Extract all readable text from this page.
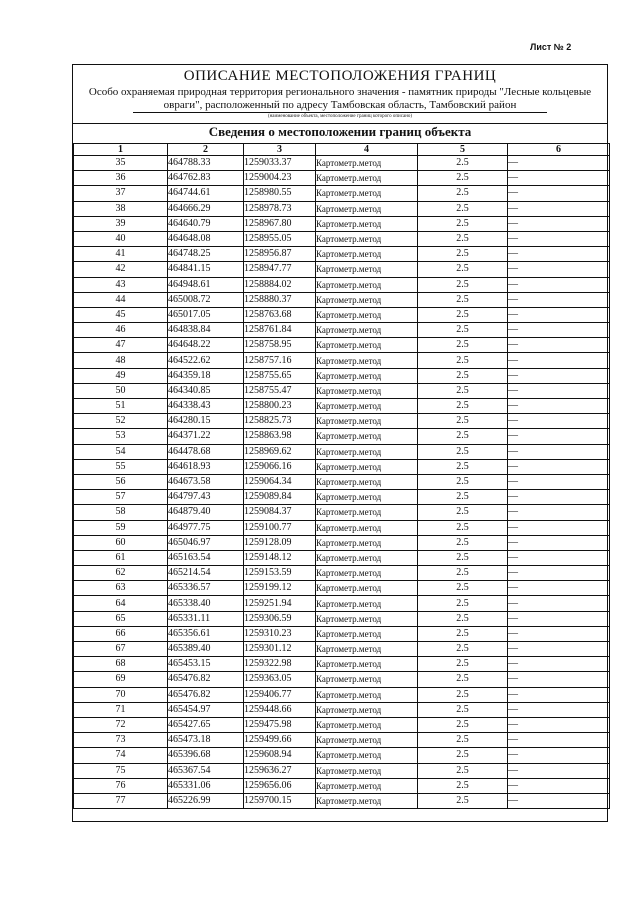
Лист № 2
ОПИСАНИЕ МЕСТОПОЛОЖЕНИЯ ГРАНИЦ
Особо охраняемая природная территория регионального значения - памятник природы "Лесные кольцевые овраги", расположенный по адресу Тамбовская область, Тамбовский район
(наименование объекта, местоположение границ которого описано)
Сведения о местоположении границ объекта
1	2	3	4	5	6
35	464788.33	1259033.37	Картометр.метод	2.5	—
36	464762.83	1259004.23	Картометр.метод	2.5	—
37	464744.61	1258980.55	Картометр.метод	2.5	—
38	464666.29	1258978.73	Картометр.метод	2.5	—
39	464640.79	1258967.80	Картометр.метод	2.5	—
40	464648.08	1258955.05	Картометр.метод	2.5	—
41	464748.25	1258956.87	Картометр.метод	2.5	—
42	464841.15	1258947.77	Картометр.метод	2.5	—
43	464948.61	1258884.02	Картометр.метод	2.5	—
44	465008.72	1258880.37	Картометр.метод	2.5	—
45	465017.05	1258763.68	Картометр.метод	2.5	—
46	464838.84	1258761.84	Картометр.метод	2.5	—
47	464648.22	1258758.95	Картометр.метод	2.5	—
48	464522.62	1258757.16	Картометр.метод	2.5	—
49	464359.18	1258755.65	Картометр.метод	2.5	—
50	464340.85	1258755.47	Картометр.метод	2.5	—
51	464338.43	1258800.23	Картометр.метод	2.5	—
52	464280.15	1258825.73	Картометр.метод	2.5	—
53	464371.22	1258863.98	Картометр.метод	2.5	—
54	464478.68	1258969.62	Картометр.метод	2.5	—
55	464618.93	1259066.16	Картометр.метод	2.5	—
56	464673.58	1259064.34	Картометр.метод	2.5	—
57	464797.43	1259089.84	Картометр.метод	2.5	—
58	464879.40	1259084.37	Картометр.метод	2.5	—
59	464977.75	1259100.77	Картометр.метод	2.5	—
60	465046.97	1259128.09	Картометр.метод	2.5	—
61	465163.54	1259148.12	Картометр.метод	2.5	—
62	465214.54	1259153.59	Картометр.метод	2.5	—
63	465336.57	1259199.12	Картометр.метод	2.5	—
64	465338.40	1259251.94	Картометр.метод	2.5	—
65	465331.11	1259306.59	Картометр.метод	2.5	—
66	465356.61	1259310.23	Картометр.метод	2.5	—
67	465389.40	1259301.12	Картометр.метод	2.5	—
68	465453.15	1259322.98	Картометр.метод	2.5	—
69	465476.82	1259363.05	Картометр.метод	2.5	—
70	465476.82	1259406.77	Картометр.метод	2.5	—
71	465454.97	1259448.66	Картометр.метод	2.5	—
72	465427.65	1259475.98	Картометр.метод	2.5	—
73	465473.18	1259499.66	Картометр.метод	2.5	—
74	465396.68	1259608.94	Картометр.метод	2.5	—
75	465367.54	1259636.27	Картометр.метод	2.5	—
76	465331.06	1259656.06	Картометр.метод	2.5	—
77	465226.99	1259700.15	Картометр.метод	2.5	—
